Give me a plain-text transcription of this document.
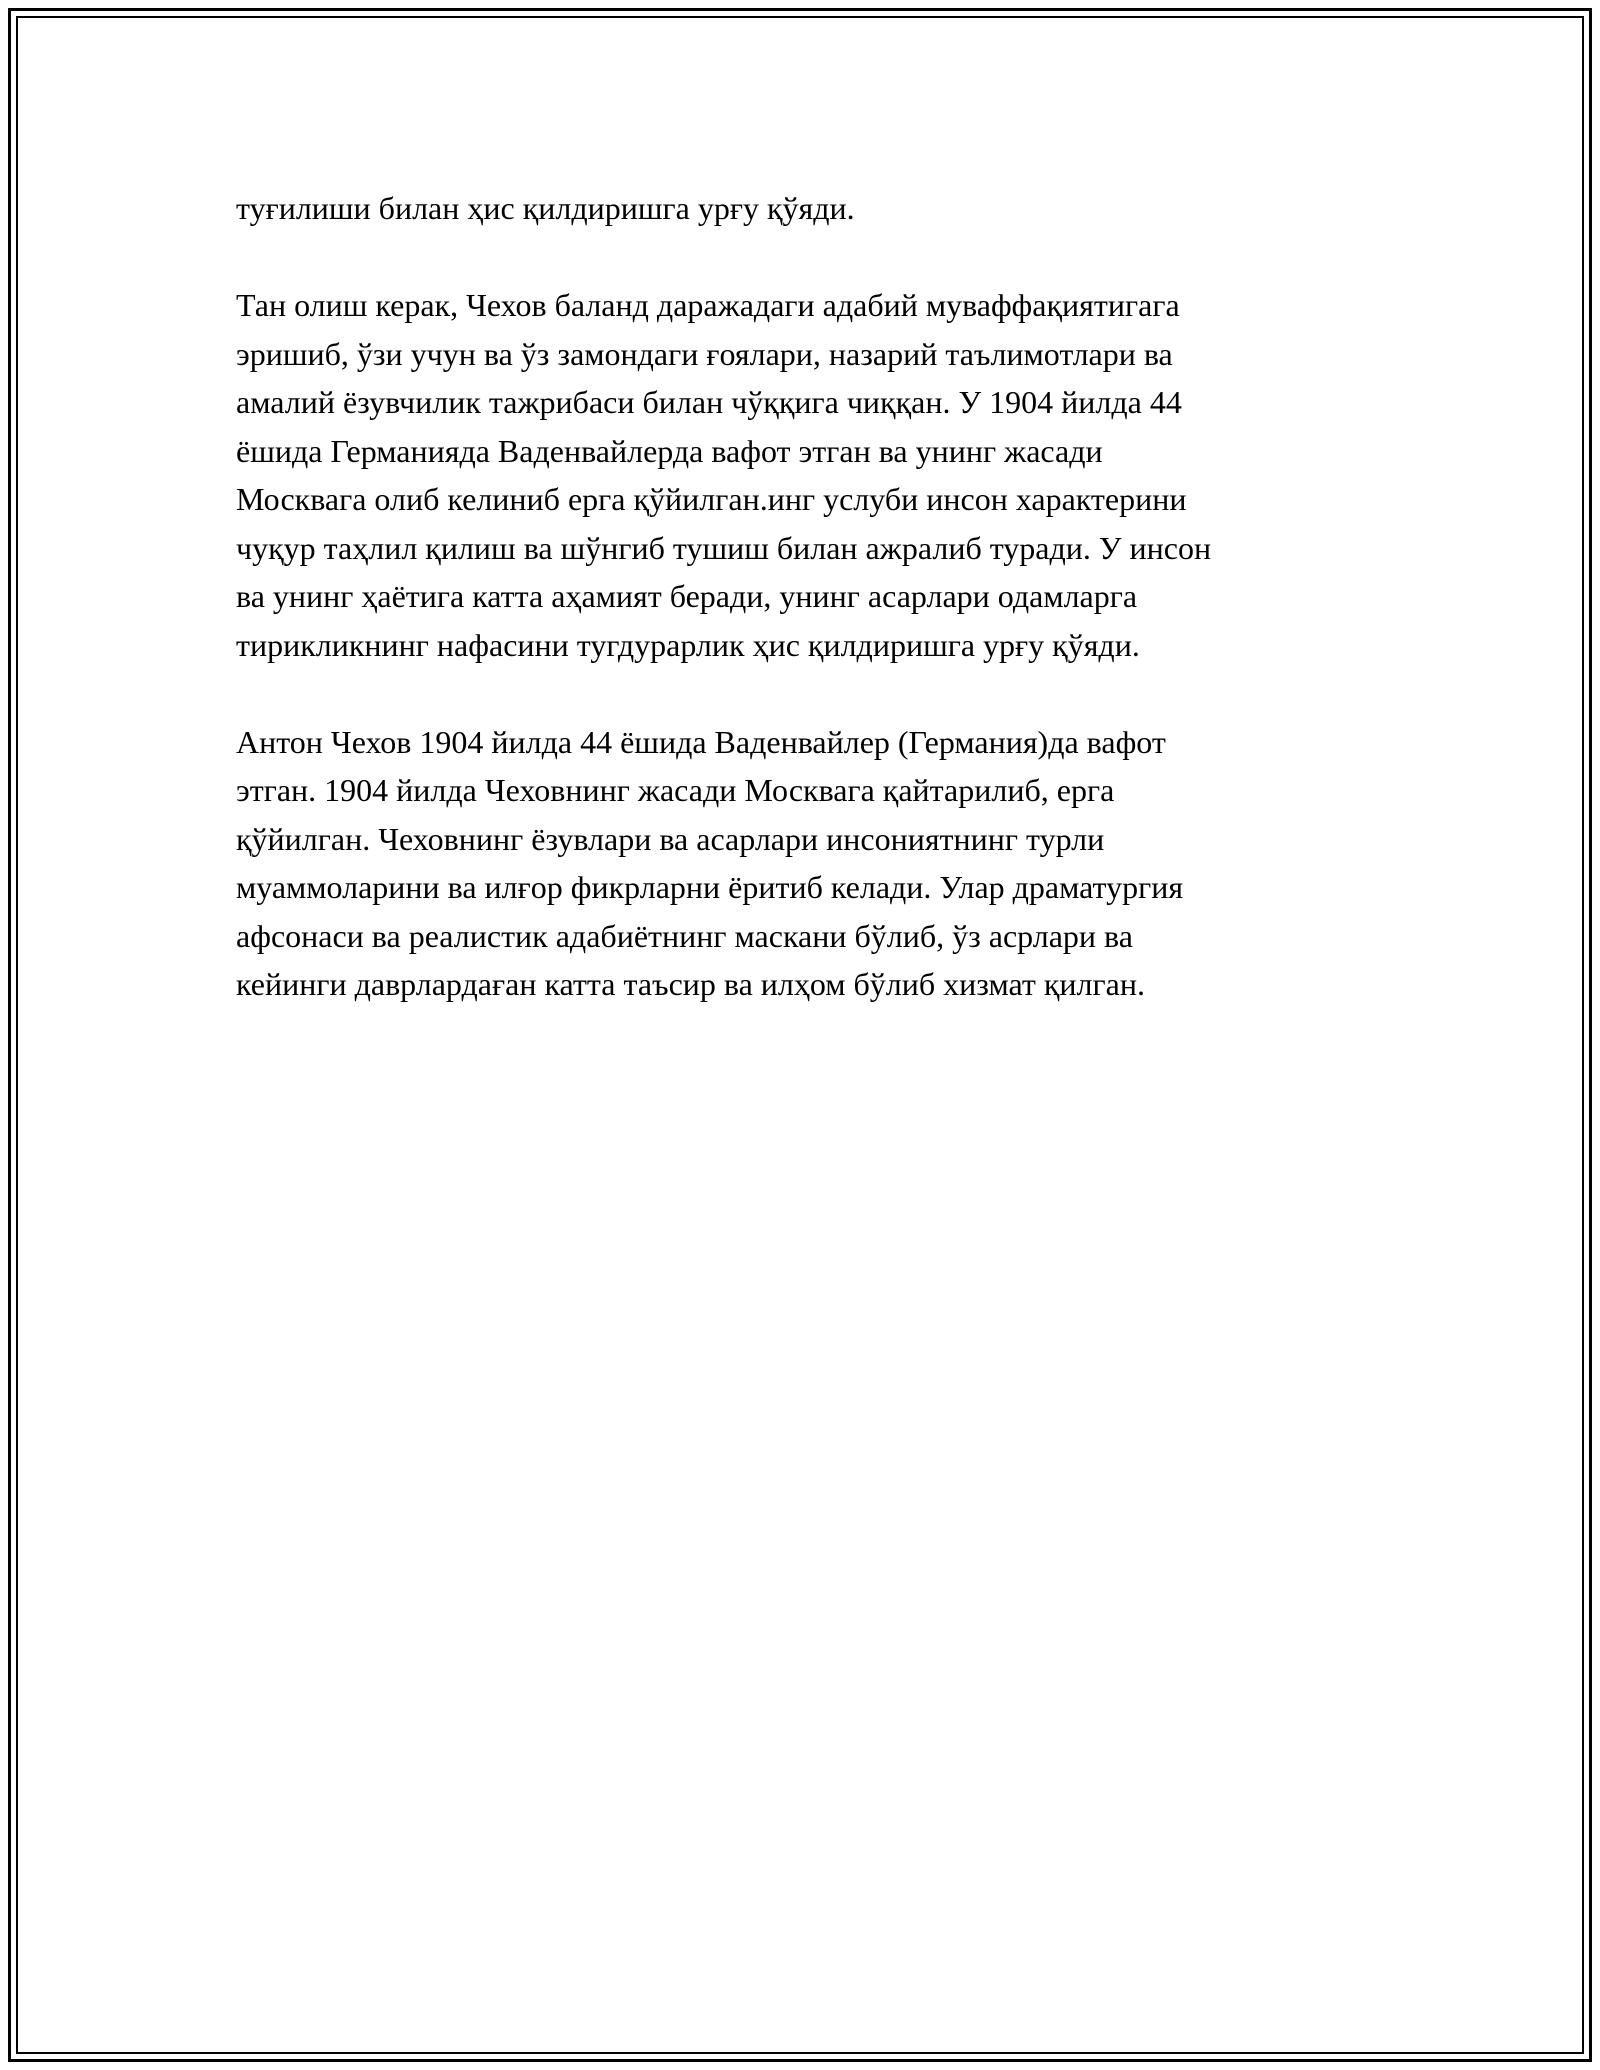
туғилиши билан ҳис қилдиришга урғу қўяди.

Тан олиш керак, Чехов баланд даражадаги адабий муваффақиятигага
эришиб, ўзи учун ва ўз замондаги ғоялари, назарий таълимотлари ва
амалий ёзувчилик тажрибаси билан чўққига чиққан. У 1904 йилда 44
ёшида Германияда Ваденвайлерда вафот этган ва унинг жасади
Москвага олиб келиниб ерга қўйилган.инг услуби инсон характерини
чуқур таҳлил қилиш ва шўнгиб тушиш билан ажралиб туради. У инсон
ва унинг ҳаётига катта аҳамият беради, унинг асарлари одамларга
тирикликнинг нафасини тугдурарлик ҳис қилдиришга урғу қўяди.

Антон Чехов 1904 йилда 44 ёшида Ваденвайлер (Германия)да вафот
этган. 1904 йилда Чеховнинг жасади Москвага қайтарилиб, ерга
қўйилган. Чеховнинг ёзувлари ва асарлари инсониятнинг турли
муаммоларини ва илғор фикрларни ёритиб келади. Улар драматургия
афсонаси ва реалистик адабиётнинг маскани бўлиб, ўз асрлари ва
кейинги даврлардаған катта таъсир ва илҳом бўлиб хизмат қилган.
